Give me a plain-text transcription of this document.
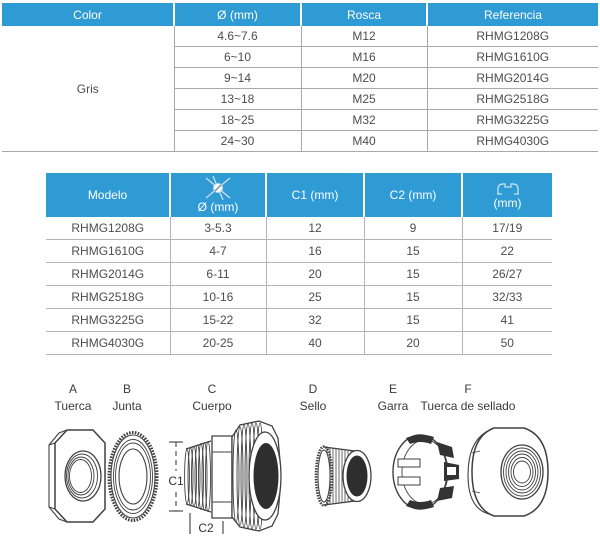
Color	Ø (mm)	Rosca	Referencia
Gris	4.6~7.6	M12	RHMG1208G
	6~10	M16	RHMG1610G
	9~14	M20	RHMG2014G
	13~18	M25	RHMG2518G
	18~25	M32	RHMG3225G
	24~30	M40	RHMG4030G
Modelo	Ø (mm)	C1 (mm)	C2 (mm)	(mm)

RHMG1208G	3-5.3	12	9	17/19
RHMG1610G	4-7	16	15	22
RHMG2014G	6-11	20	15	26/27
RHMG2518G	10-16	25	15	32/33
RHMG3225G	15-22	32	15	41
RHMG4030G	20-25	40	20	50
A
Tuerca
B
Junta
C
Cuerpo
D
Sello
E
Garra
F
Tuerca de sellado
C1
C2
